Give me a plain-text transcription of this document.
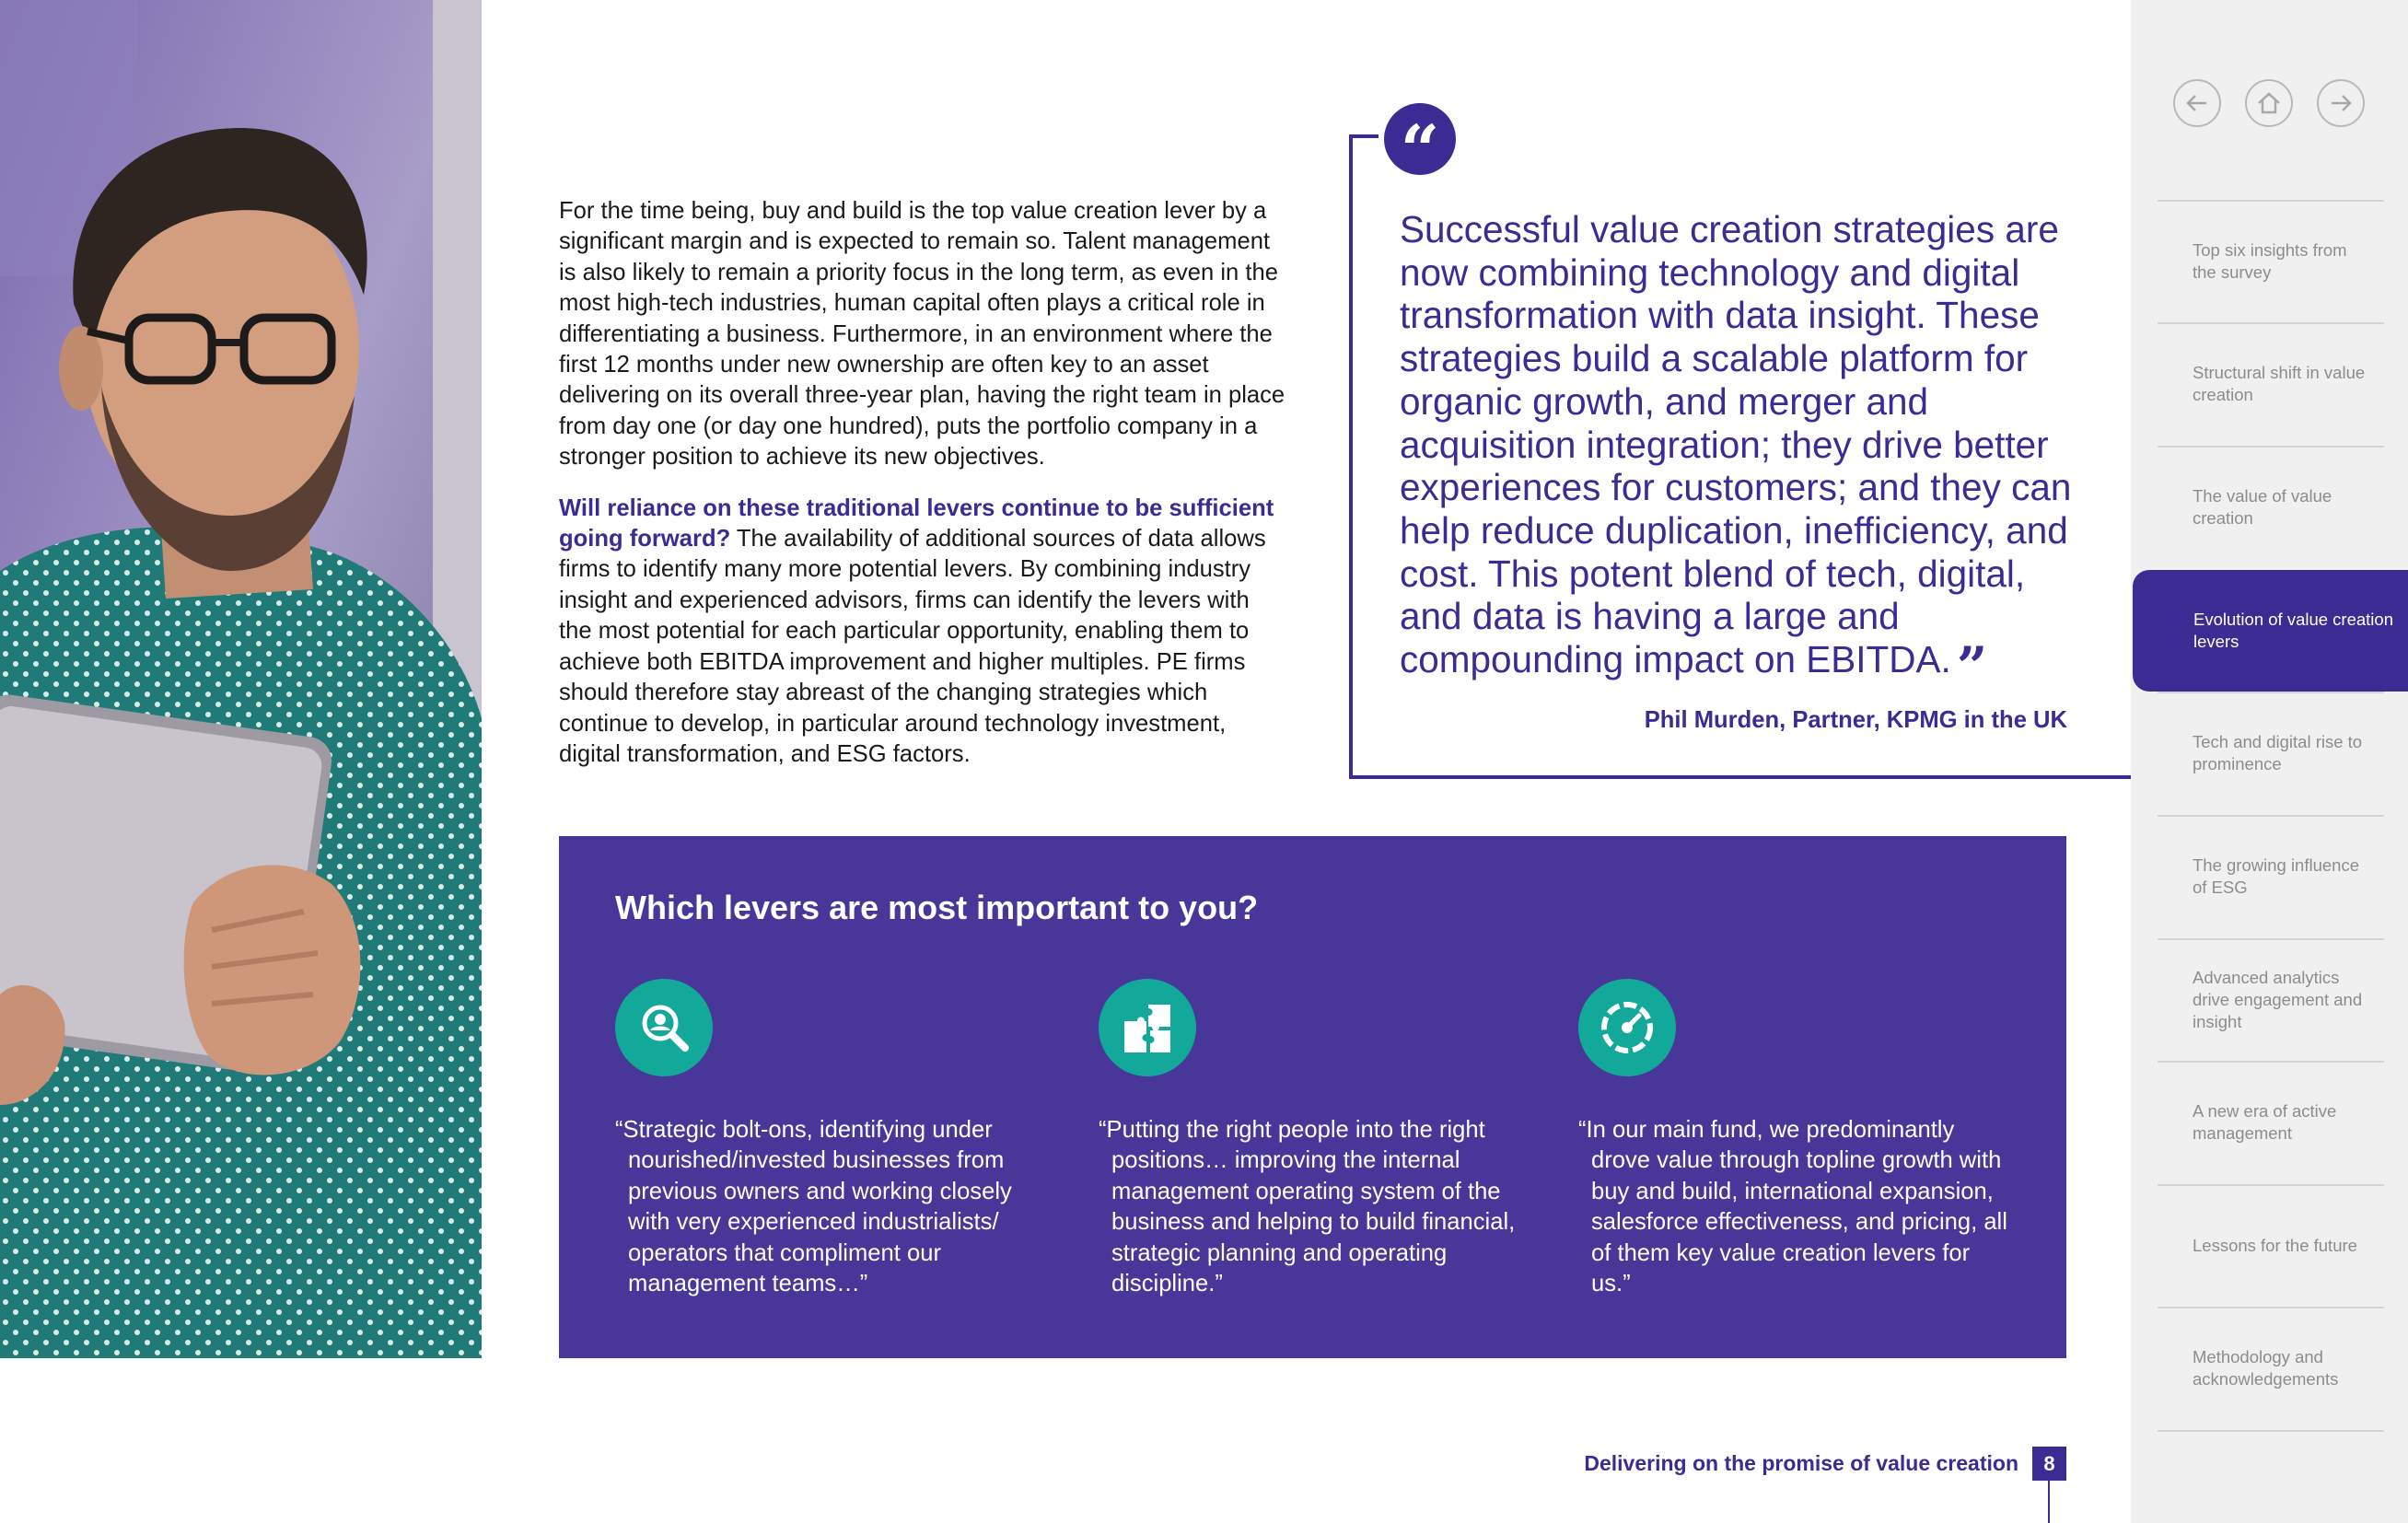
For the time being, buy and build is the top value creation lever by a significant margin and is expected to remain so. Talent management is also likely to remain a priority focus in the long term, as even in the most high-tech industries, human capital often plays a critical role in differentiating a business. Furthermore, in an environment where the first 12 months under new ownership are often key to an asset delivering on its overall three-year plan, having the right team in place from day one (or day one hundred), puts the portfolio company in a stronger position to achieve its new objectives.

Will reliance on these traditional levers continue to be sufficient going forward? The availability of additional sources of data allows firms to identify many more potential levers. By combining industry insight and experienced advisors, firms can identify the levers with the most potential for each particular opportunity, enabling them to achieve both EBITDA improvement and higher multiples. PE firms should therefore stay abreast of the changing strategies which continue to develop, in particular around technology investment, digital transformation, and ESG factors.

“
Successful value creation strategies are now combining technology and digital transformation with data insight. These strategies build a scalable platform for organic growth, and merger and acquisition integration; they drive better experiences for customers; and they can help reduce duplication, inefficiency, and cost. This potent blend of tech, digital, and data is having a large and compounding impact on EBITDA. ”
Phil Murden, Partner, KPMG in the UK
Which levers are most important to you?
“Strategic bolt-ons, identifying under nourished/invested businesses from previous owners and working closely with very experienced industrialists/ operators that compliment our management teams…”
“Putting the right people into the right positions… improving the internal management operating system of the business and helping to build financial, strategic planning and operating discipline.”
“In our main fund, we predominantly drove value through topline growth with buy and build, international expansion, salesforce effectiveness, and pricing, all of them key value creation levers for us.”
Delivering on the promise of value creation	8
Top six insights from the survey
Structural shift in value creation
The value of value creation
Evolution of value creation levers
Tech and digital rise to prominence
The growing influence of ESG
Advanced analytics drive engagement and insight
A new era of active management
Lessons for the future
Methodology and acknowledgements
